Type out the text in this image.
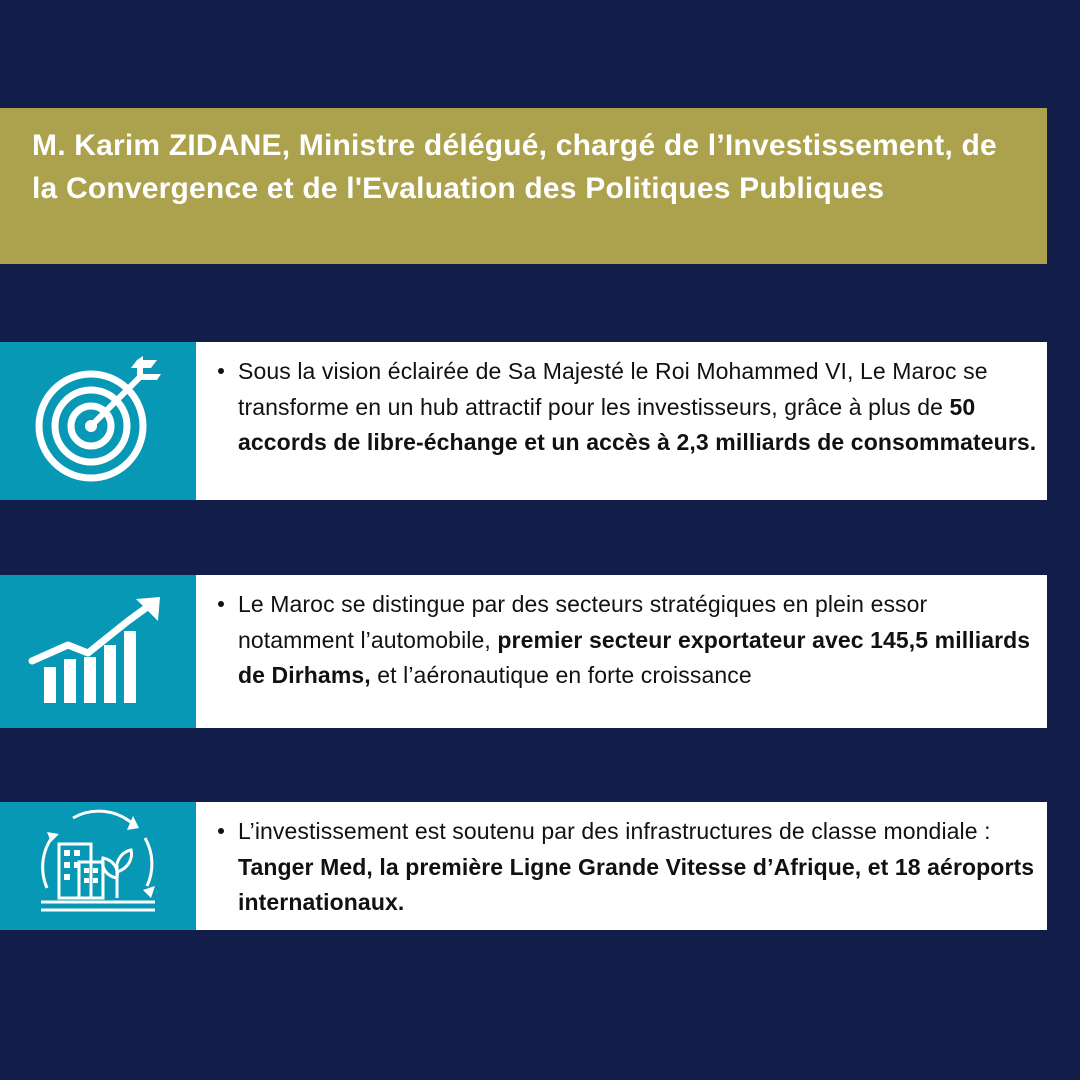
M. Karim ZIDANE, Ministre délégué, chargé de l’Investissement, de la Convergence et de l'Evaluation des Politiques Publiques

Sous la vision éclairée de Sa Majesté le Roi Mohammed VI, Le Maroc se transforme en un hub attractif pour les investisseurs, grâce à plus de 50 accords de libre-échange et un accès à 2,3 milliards de consommateurs.

Le Maroc se distingue par des secteurs stratégiques en plein essor notamment l’automobile, premier secteur exportateur avec 145,5 milliards de Dirhams, et l’aéronautique en forte croissance

L’investissement est soutenu par des infrastructures de classe mondiale : Tanger Med, la première Ligne Grande Vitesse d’Afrique, et 18 aéroports internationaux.
